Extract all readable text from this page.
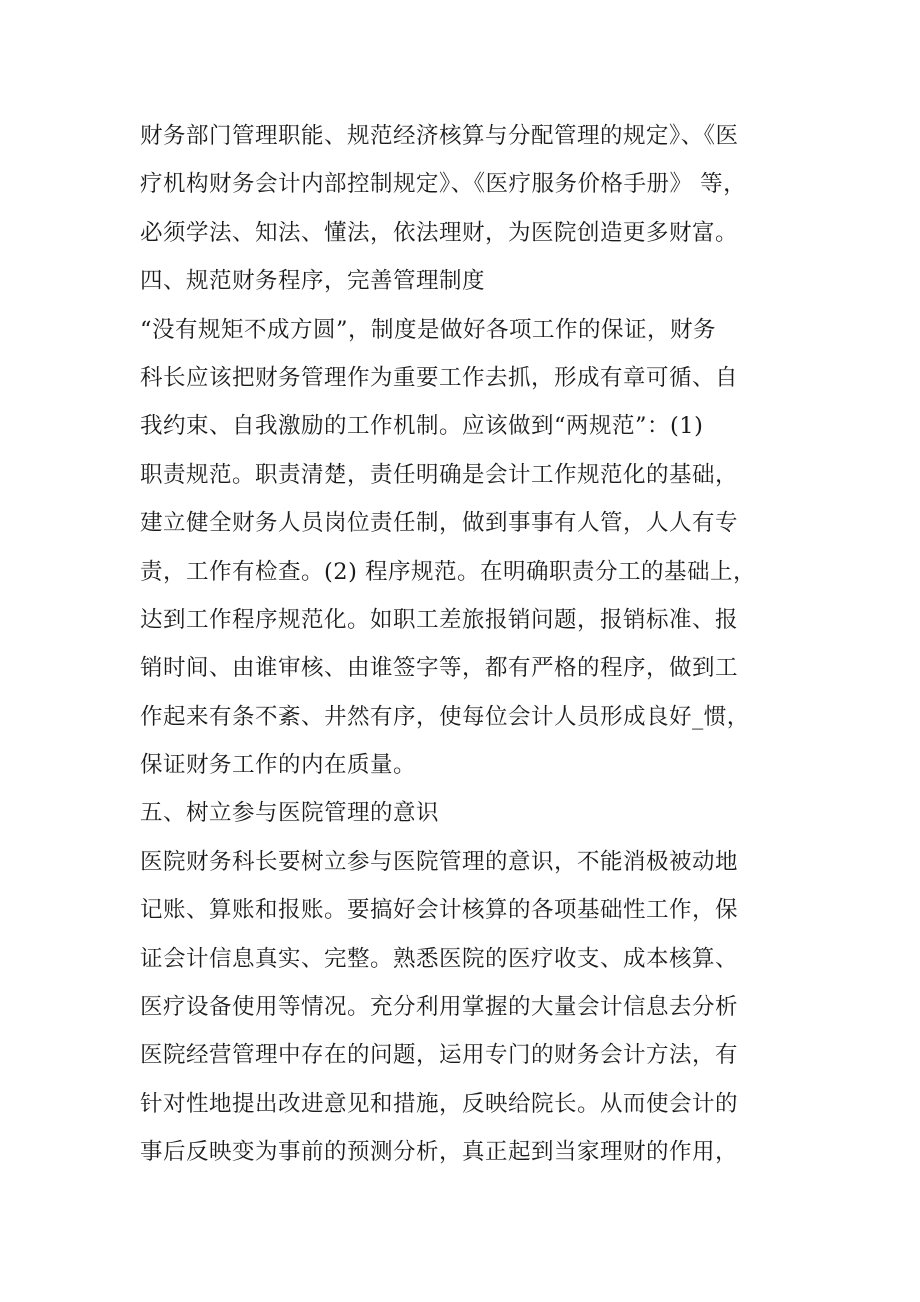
财务部门管理职能、规范经济核算与分配管理的规定》、《医
疗机构财务会计内部控制规定》、《医疗服务价格手册》 等，
必须学法、知法、懂法，依法理财，为医院创造更多财富。
四、规范财务程序，完善管理制度
“没有规矩不成方圆”，制度是做好各项工作的保证，财务
科长应该把财务管理作为重要工作去抓，形成有章可循、自
我约束、自我激励的工作机制。应该做到“两规范”：(1)
职责规范。职责清楚，责任明确是会计工作规范化的基础，
建立健全财务人员岗位责任制，做到事事有人管，人人有专
责，工作有检查。(2) 程序规范。在明确职责分工的基础上，
达到工作程序规范化。如职工差旅报销问题，报销标准、报
销时间、由谁审核、由谁签字等，都有严格的程序，做到工
作起来有条不紊、井然有序，使每位会计人员形成良好_惯，
保证财务工作的内在质量。
五、树立参与医院管理的意识
医院财务科长要树立参与医院管理的意识，不能消极被动地
记账、算账和报账。要搞好会计核算的各项基础性工作，保
证会计信息真实、完整。熟悉医院的医疗收支、成本核算、
医疗设备使用等情况。充分利用掌握的大量会计信息去分析
医院经营管理中存在的问题，运用专门的财务会计方法，有
针对性地提出改进意见和措施，反映给院长。从而使会计的
事后反映变为事前的预测分析，真正起到当家理财的作用，
